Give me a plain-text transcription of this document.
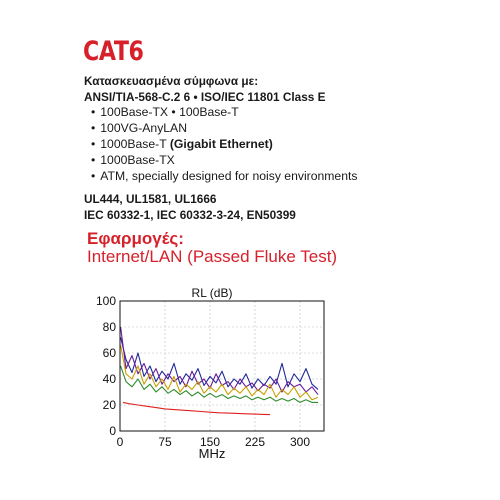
CAT6
Κατασκευασμένα σύμφωνα με:
ANSI/TIA-568-C.2 6 • ISO/IEC 11801 Class E
• 100Base-TX • 100Base-T
• 100VG-AnyLAN
• 1000Base-T (Gigabit Ethernet)
• 1000Base-TX
• ATM, specially designed for noisy environments
UL444, UL1581, UL1666
IEC 60332-1, IEC 60332-3-24, EN50399
Εφαρμογές:
Internet/LAN (Passed Fluke Test)
RL (dB)
0
20
40
60
80
100
0	75 150 225 300
MHz
